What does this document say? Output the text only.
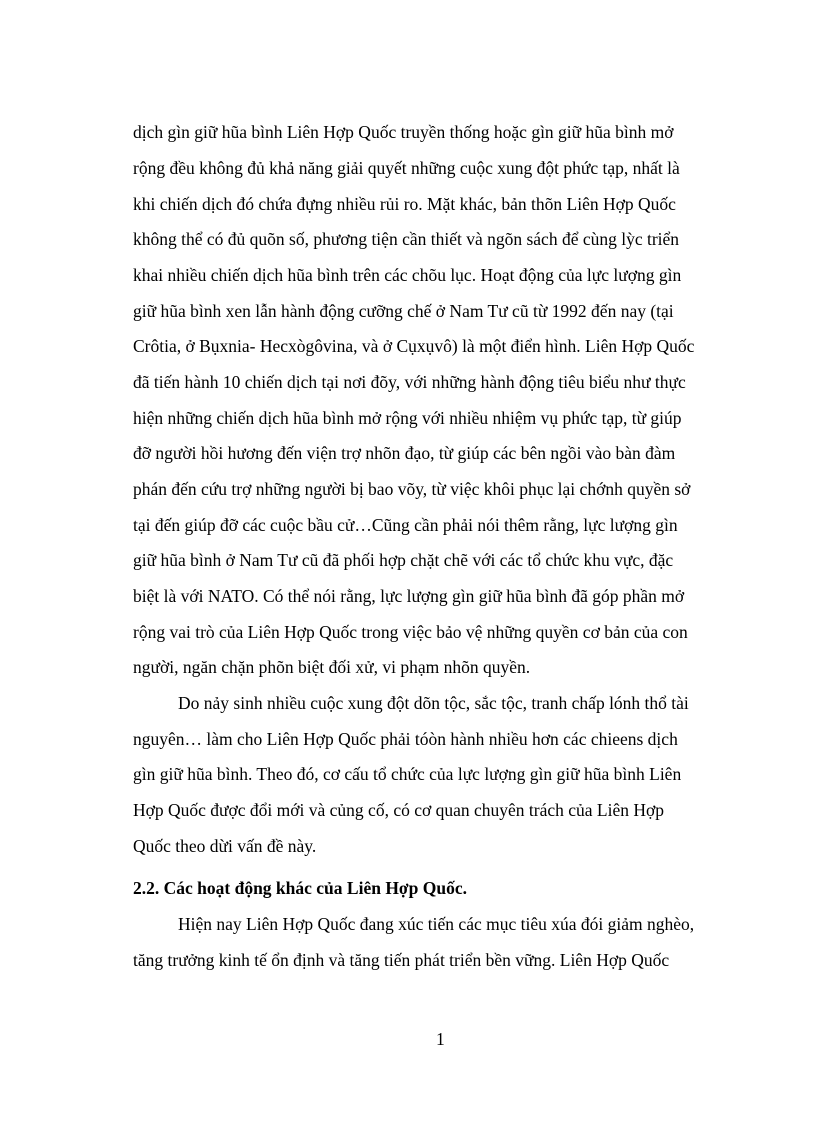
dịch gìn giữ hũa bình Liên Hợp Quốc truyền thống hoặc gìn giữ hũa bình mở
rộng đều không đủ khả năng giải quyết những cuộc xung đột phức tạp, nhất là
khi chiến dịch đó chứa đựng nhiều rủi ro. Mặt khác, bản thõn Liên Hợp Quốc
không thể có đủ quõn số, phương tiện cần thiết và ngõn sách để cùng lỳc triển
khai nhiều chiến dịch hũa bình trên các chõu lục. Hoạt động của lực lượng gìn
giữ hũa bình xen lẫn hành động cưỡng chế ở Nam Tư cũ từ 1992 đến nay (tại
Crôtia, ở Bụxnia- Hecxògôvina, và ở Cụxụvô) là một điển hình. Liên Hợp Quốc
đã tiến hành 10 chiến dịch tại nơi đõy, với những hành động tiêu biểu như thực
hiện những chiến dịch hũa bình mở rộng với nhiều nhiệm vụ phức tạp, từ giúp
đỡ người hồi hương đến viện trợ nhõn đạo, từ giúp các bên ngồi vào bàn đàm
phán đến cứu trợ những người bị bao võy, từ việc khôi phục lại chớnh quyền sở
tại đến giúp đỡ các cuộc bầu cử…Cũng cần phải nói thêm rằng, lực lượng gìn
giữ hũa bình ở Nam Tư cũ đã phối hợp chặt chẽ với các tổ chức khu vực, đặc
biệt là với NATO. Có thể nói rằng, lực lượng gìn giữ hũa bình đã góp phần mở
rộng vai trò của Liên Hợp Quốc trong việc bảo vệ những quyền cơ bản của con
người, ngăn chặn phõn biệt đối xử, vi phạm nhõn quyền.
Do nảy sinh nhiều cuộc xung đột dõn tộc, sắc tộc, tranh chấp lónh thổ tài
nguyên… làm cho Liên Hợp Quốc phải tóòn hành nhiều hơn các chieens dịch
gìn giữ hũa bình. Theo đó, cơ cấu tổ chức của lực lượng gìn giữ hũa bình Liên
Hợp Quốc được đổi mới và củng cố, có cơ quan chuyên trách của Liên Hợp
Quốc theo dừi vấn đề này.
2.2. Các hoạt động khác của Liên Hợp Quốc.
Hiện nay Liên Hợp Quốc đang xúc tiến các mục tiêu xúa đói giảm nghèo,
tăng trưởng kinh tế ổn định và tăng tiến phát triển bền vững. Liên Hợp Quốc
1
